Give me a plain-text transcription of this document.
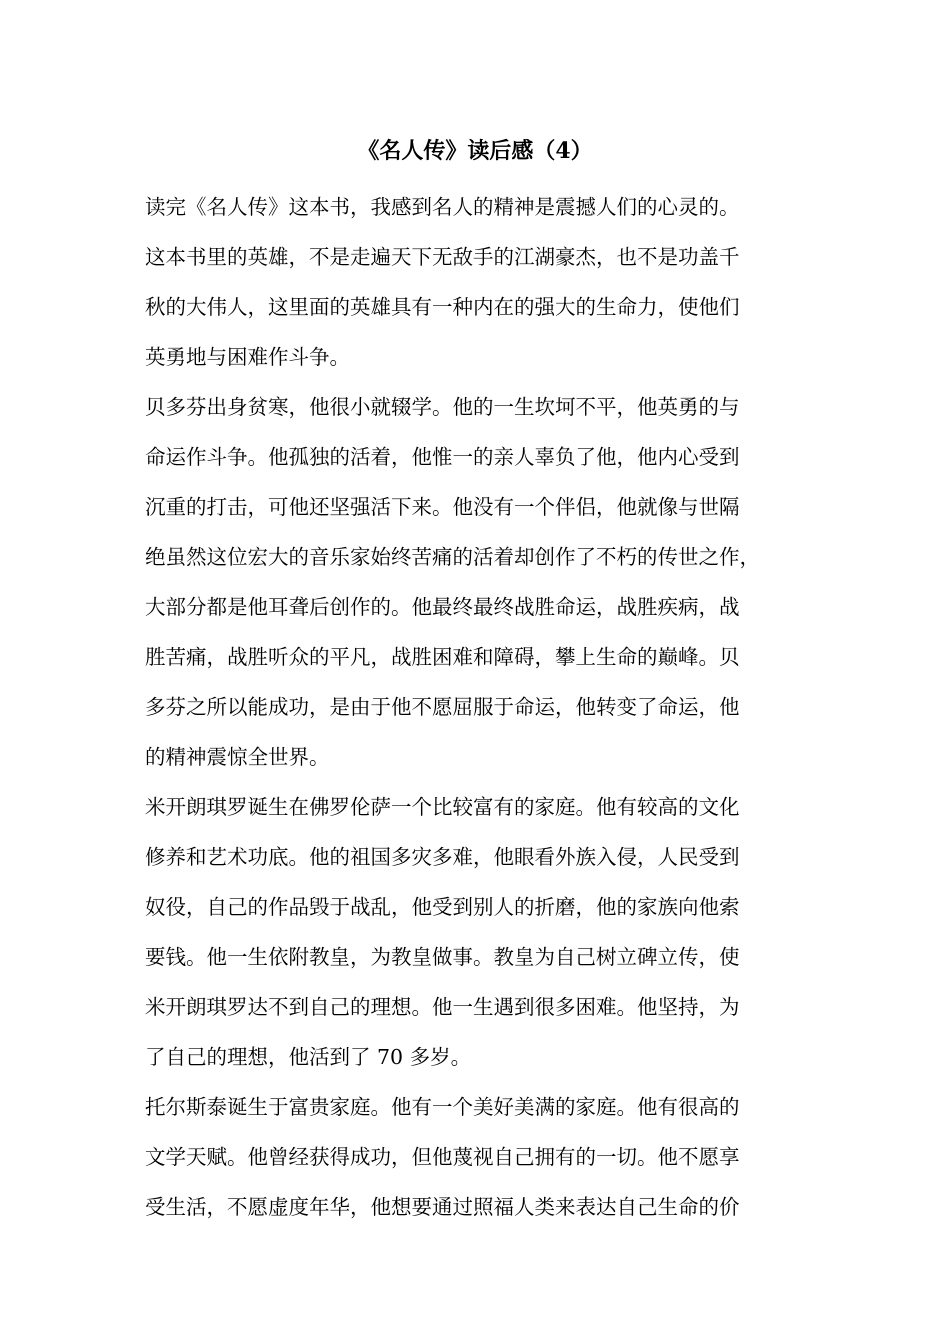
《名人传》读后感（4）
读完《名人传》这本书，我感到名人的精神是震撼人们的心灵的。
这本书里的英雄，不是走遍天下无敌手的江湖豪杰，也不是功盖千
秋的大伟人，这里面的英雄具有一种内在的强大的生命力，使他们
英勇地与困难作斗争。
贝多芬出身贫寒，他很小就辍学。他的一生坎坷不平，他英勇的与
命运作斗争。他孤独的活着，他惟一的亲人辜负了他，他内心受到
沉重的打击，可他还坚强活下来。他没有一个伴侣，他就像与世隔
绝虽然这位宏大的音乐家始终苦痛的活着却创作了不朽的传世之作，
大部分都是他耳聋后创作的。他最终最终战胜命运，战胜疾病，战
胜苦痛，战胜听众的平凡，战胜困难和障碍，攀上生命的巅峰。贝
多芬之所以能成功，是由于他不愿屈服于命运，他转变了命运，他
的精神震惊全世界。
米开朗琪罗诞生在佛罗伦萨一个比较富有的家庭。他有较高的文化
修养和艺术功底。他的祖国多灾多难，他眼看外族入侵，人民受到
奴役，自己的作品毁于战乱，他受到别人的折磨，他的家族向他索
要钱。他一生依附教皇，为教皇做事。教皇为自己树立碑立传，使
米开朗琪罗达不到自己的理想。他一生遇到很多困难。他坚持，为
了自己的理想，他活到了 70 多岁。
托尔斯泰诞生于富贵家庭。他有一个美好美满的家庭。他有很高的
文学天赋。他曾经获得成功，但他蔑视自己拥有的一切。他不愿享
受生活，不愿虚度年华，他想要通过照福人类来表达自己生命的价
